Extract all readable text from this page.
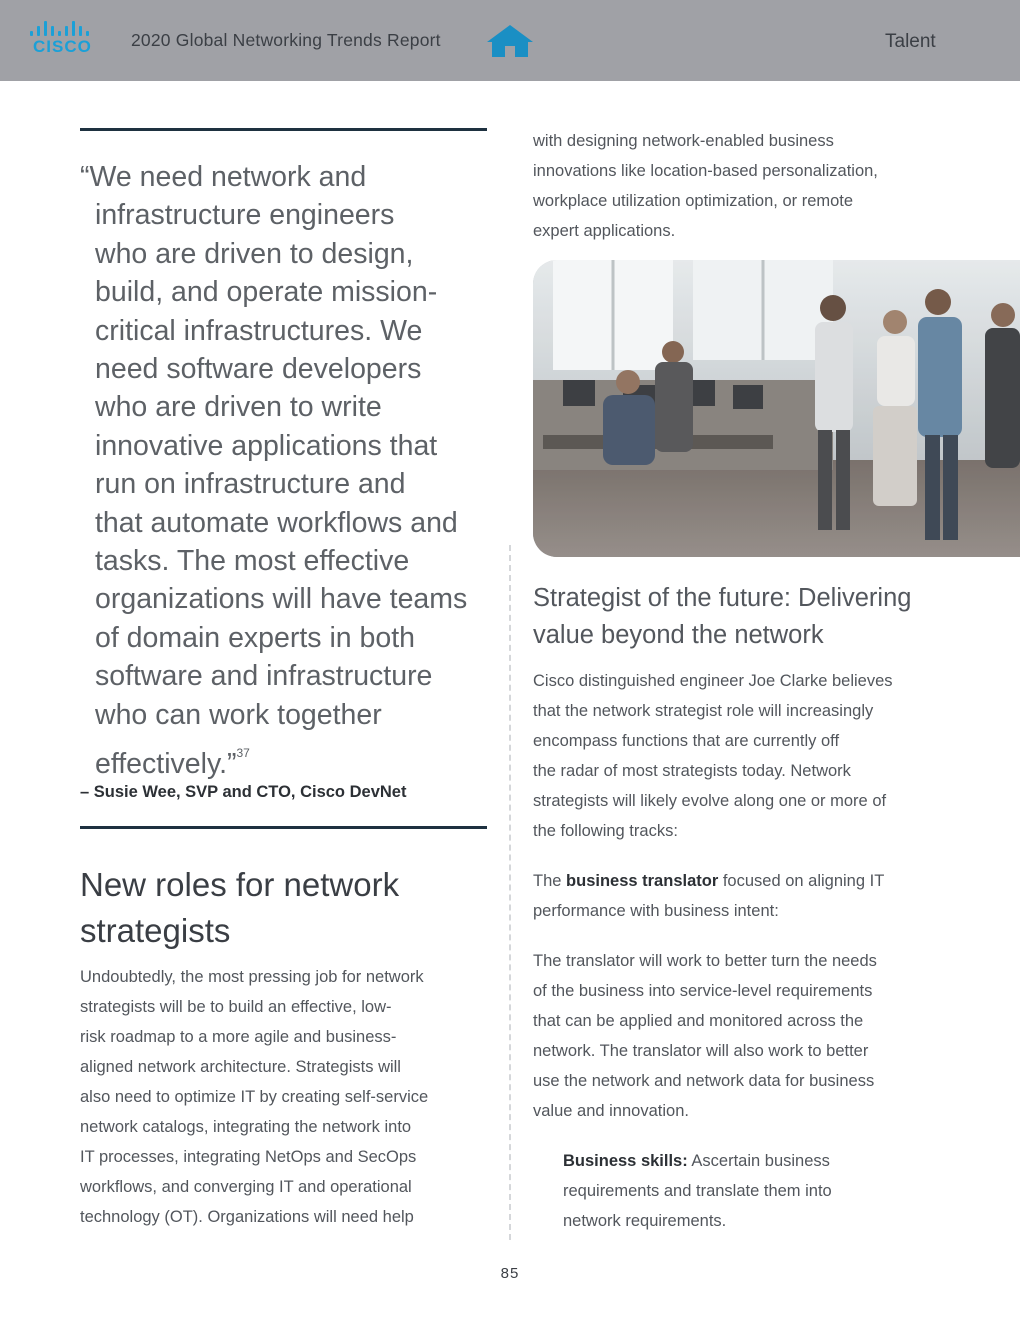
CISCO 2020 Global Networking Trends Report	Talent
“We need network and
infrastructure engineers
who are driven to design,
build, and operate mission-
critical infrastructures. We
need software developers
who are driven to write
innovative applications that
run on infrastructure and
that automate workflows and
tasks. The most effective
organizations will have teams
of domain experts in both
software and infrastructure
who can work together
effectively.”$^{37}$
– Susie Wee, SVP and CTO, Cisco DevNet
New roles for network
strategists
Undoubtedly, the most pressing job for network
strategists will be to build an effective, low-
risk roadmap to a more agile and business-
aligned network architecture. Strategists will
also need to optimize IT by creating self-service
network catalogs, integrating the network into
IT processes, integrating NetOps and SecOps
workflows, and converging IT and operational
technology (OT). Organizations will need help
with designing network-enabled business
innovations like location-based personalization,
workplace utilization optimization, or remote
expert applications.
Strategist of the future: Delivering
value beyond the network
Cisco distinguished engineer Joe Clarke believes
that the network strategist role will increasingly
encompass functions that are currently off
the radar of most strategists today. Network
strategists will likely evolve along one or more of
the following tracks:
The business translator focused on aligning IT
performance with business intent:
The translator will work to better turn the needs
of the business into service-level requirements
that can be applied and monitored across the
network. The translator will also work to better
use the network and network data for business
value and innovation.
Business skills: Ascertain business
requirements and translate them into
network requirements.
85
